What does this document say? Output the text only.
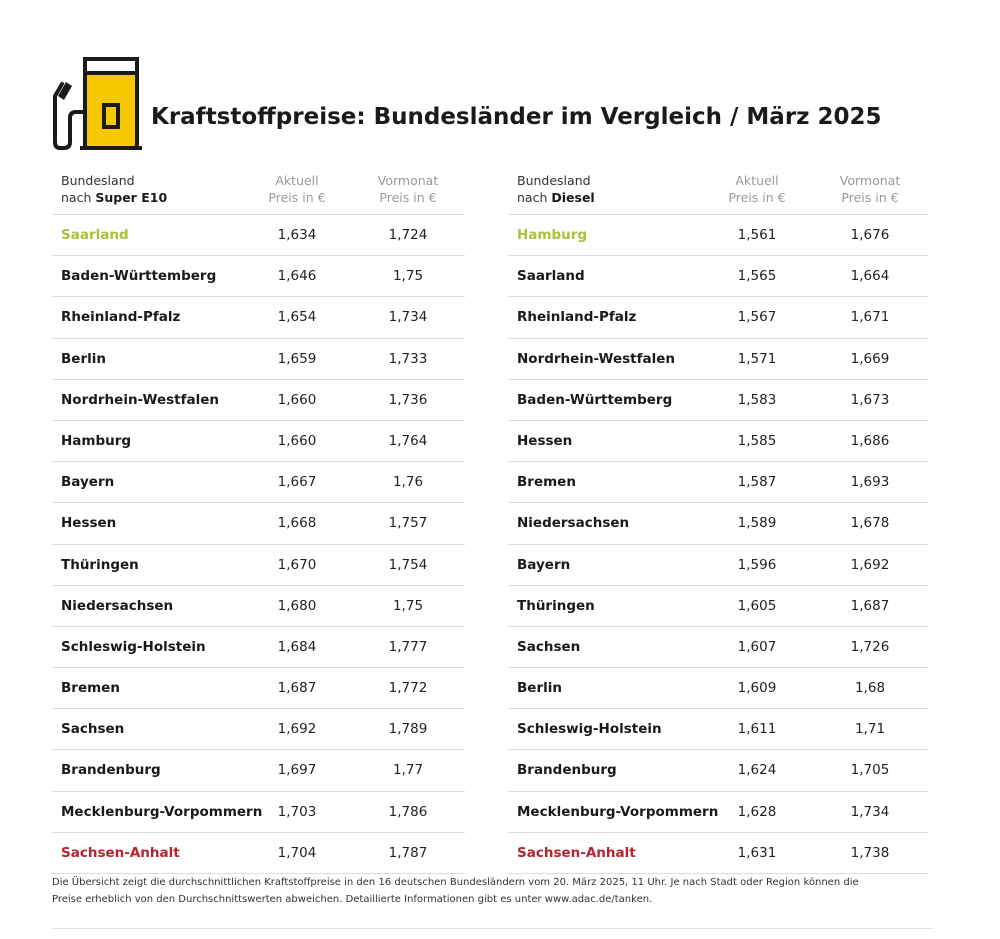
Kraftstoffpreise: Bundesländer im Vergleich / März 2025
Bundesland
nach Super E10
Aktuell
Preis in €
Vormonat
Preis in €
Saarland	1,634	1,724
Baden-Württemberg	1,646	1,75
Rheinland-Pfalz	1,654	1,734
Berlin	1,659	1,733
Nordrhein-Westfalen	1,660	1,736
Hamburg	1,660	1,764
Bayern	1,667	1,76
Hessen	1,668	1,757
Thüringen	1,670	1,754
Niedersachsen	1,680	1,75
Schleswig-Holstein	1,684	1,777
Bremen	1,687	1,772
Sachsen	1,692	1,789
Brandenburg	1,697	1,77
Mecklenburg-Vorpommern	1,703	1,786
Sachsen-Anhalt	1,704	1,787
Bundesland
nach Diesel
Aktuell
Preis in €
Vormonat
Preis in €
Hamburg	1,561	1,676
Saarland	1,565	1,664
Rheinland-Pfalz	1,567	1,671
Nordrhein-Westfalen	1,571	1,669
Baden-Württemberg	1,583	1,673
Hessen	1,585	1,686
Bremen	1,587	1,693
Niedersachsen	1,589	1,678
Bayern	1,596	1,692
Thüringen	1,605	1,687
Sachsen	1,607	1,726
Berlin	1,609	1,68
Schleswig-Holstein	1,611	1,71
Brandenburg	1,624	1,705
Mecklenburg-Vorpommern	1,628	1,734
Sachsen-Anhalt	1,631	1,738
Die Übersicht zeigt die durchschnittlichen Kraftstoffpreise in den 16 deutschen Bundesländern vom 20. März 2025, 11 Uhr. Je nach Stadt oder Region können die
Preise erheblich von den Durchschnittswerten abweichen. Detaillierte Informationen gibt es unter www.adac.de/tanken.
